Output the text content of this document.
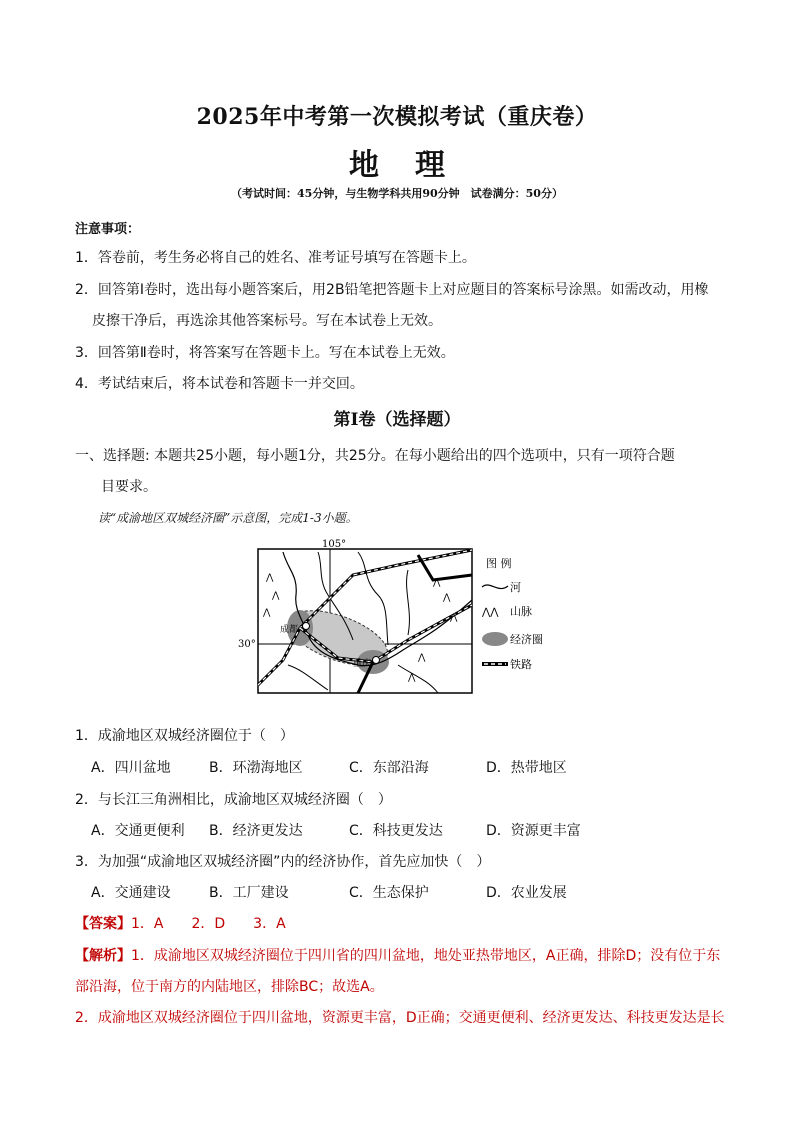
2025年中考第一次模拟考试（重庆卷）
地 理
（考试时间：45分钟，与生物学科共用90分钟　试卷满分：50分）
注意事项：
1．答卷前，考生务必将自己的姓名、准考证号填写在答题卡上。
2．回答第Ⅰ卷时，选出每小题答案后，用2B铅笔把答题卡上对应题目的答案标号涂黑。如需改动，用橡
皮擦干净后，再选涂其他答案标号。写在本试卷上无效。
3．回答第Ⅱ卷时，将答案写在答题卡上。写在本试卷上无效。
4．考试结束后，将本试卷和答题卡一并交回。
第Ⅰ卷（选择题）
一、选择题: 本题共25小题，每小题1分，共25分。在每小题给出的四个选项中，只有一项符合题
目要求。
读“成渝地区双城经济圈”示意图，完成1-3小题。
105°
30°
⋀
⋀
⋀
⋀
⋀
⋀
⋀
⋀
成都
重庆
图 例
河
⋀⋀ 山脉
经济圈
铁路
1．成渝地区双城经济圈位于（　）
A．四川盆地	B．环渤海地区	C．东部沿海	D．热带地区
2．与长江三角洲相比，成渝地区双城经济圈（　）
A．交通更便利 B．经济更发达	C．科技更发达	D．资源更丰富
3．为加强“成渝地区双城经济圈”内的经济协作，首先应加快（　）
A．交通建设	B．工厂建设	C．生态保护	D．农业发展
【答案】1．A　　2．D　　3．A
【解析】1．成渝地区双城经济圈位于四川省的四川盆地，地处亚热带地区，A正确，排除D；没有位于东
部沿海，位于南方的内陆地区，排除BC；故选A。
2．成渝地区双城经济圈位于四川盆地，资源更丰富，D正确；交通更便利、经济更发达、科技更发达是长
